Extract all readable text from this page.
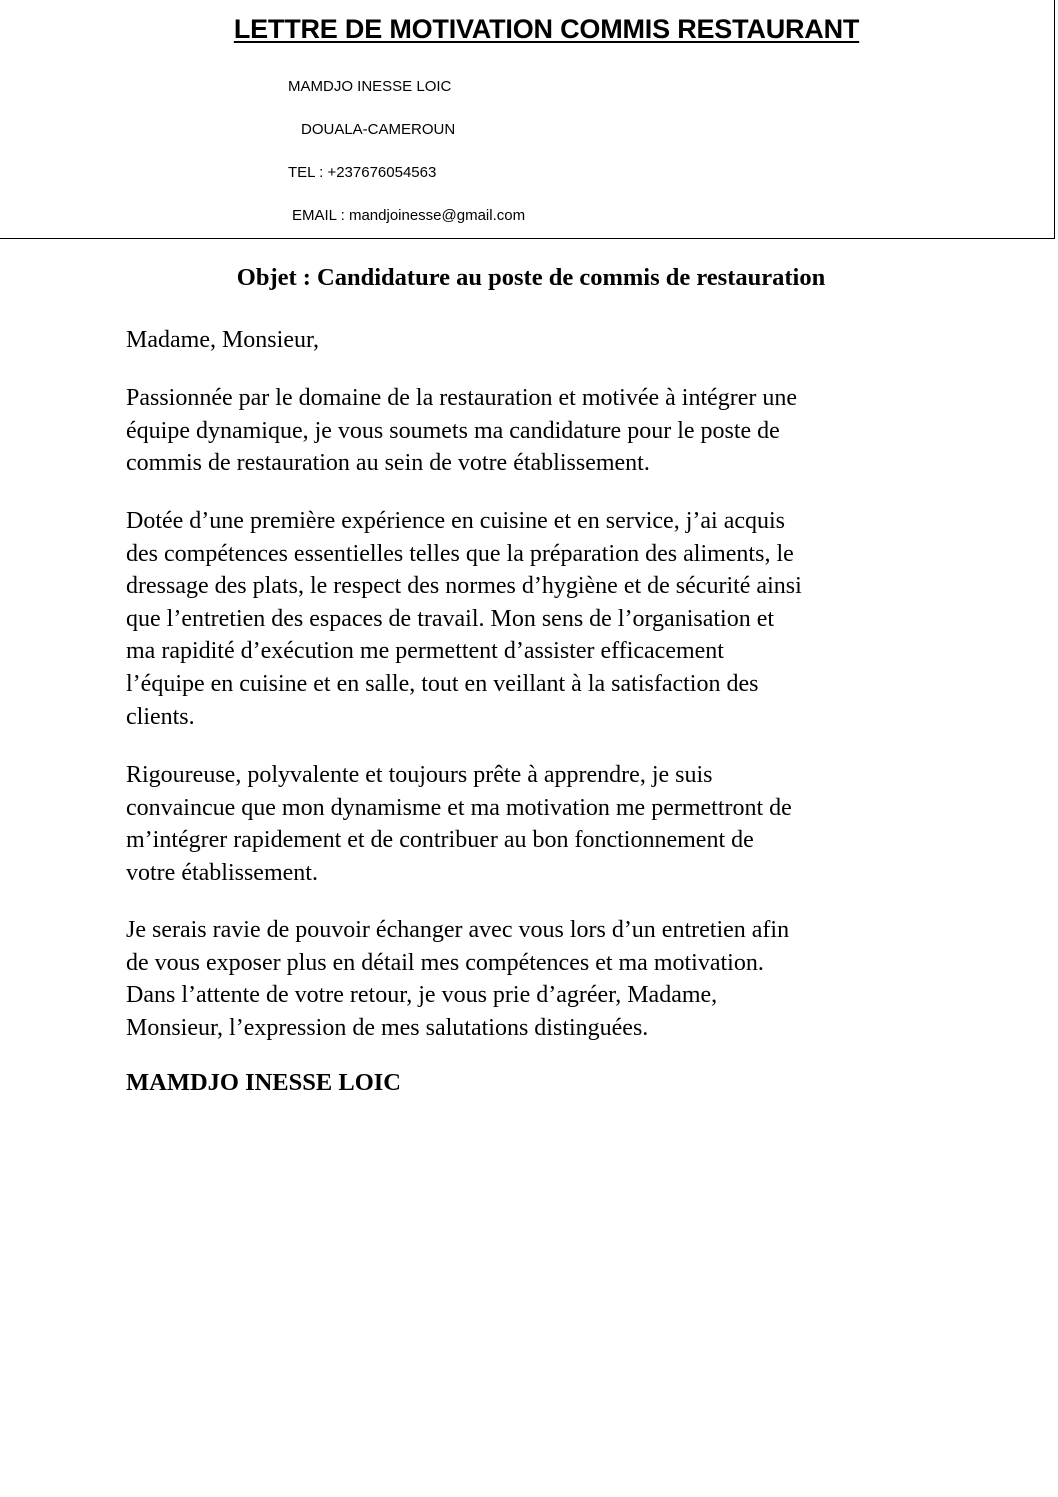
LETTRE DE MOTIVATION COMMIS RESTAURANT
MAMDJO INESSE LOIC
DOUALA-CAMEROUN
TEL : +237676054563
EMAIL : mandjoinesse@gmail.com
Objet : Candidature au poste de commis de restauration

Madame, Monsieur,

Passionnée par le domaine de la restauration et motivée à intégrer une
équipe dynamique, je vous soumets ma candidature pour le poste de
commis de restauration au sein de votre établissement.
Dotée d’une première expérience en cuisine et en service, j’ai acquis
des compétences essentielles telles que la préparation des aliments, le
dressage des plats, le respect des normes d’hygiène et de sécurité ainsi
que l’entretien des espaces de travail. Mon sens de l’organisation et
ma rapidité d’exécution me permettent d’assister efficacement
l’équipe en cuisine et en salle, tout en veillant à la satisfaction des
clients.
Rigoureuse, polyvalente et toujours prête à apprendre, je suis
convaincue que mon dynamisme et ma motivation me permettront de
m’intégrer rapidement et de contribuer au bon fonctionnement de
votre établissement.
Je serais ravie de pouvoir échanger avec vous lors d’un entretien afin
de vous exposer plus en détail mes compétences et ma motivation.
Dans l’attente de votre retour, je vous prie d’agréer, Madame,
Monsieur, l’expression de mes salutations distinguées.
MAMDJO INESSE LOIC
